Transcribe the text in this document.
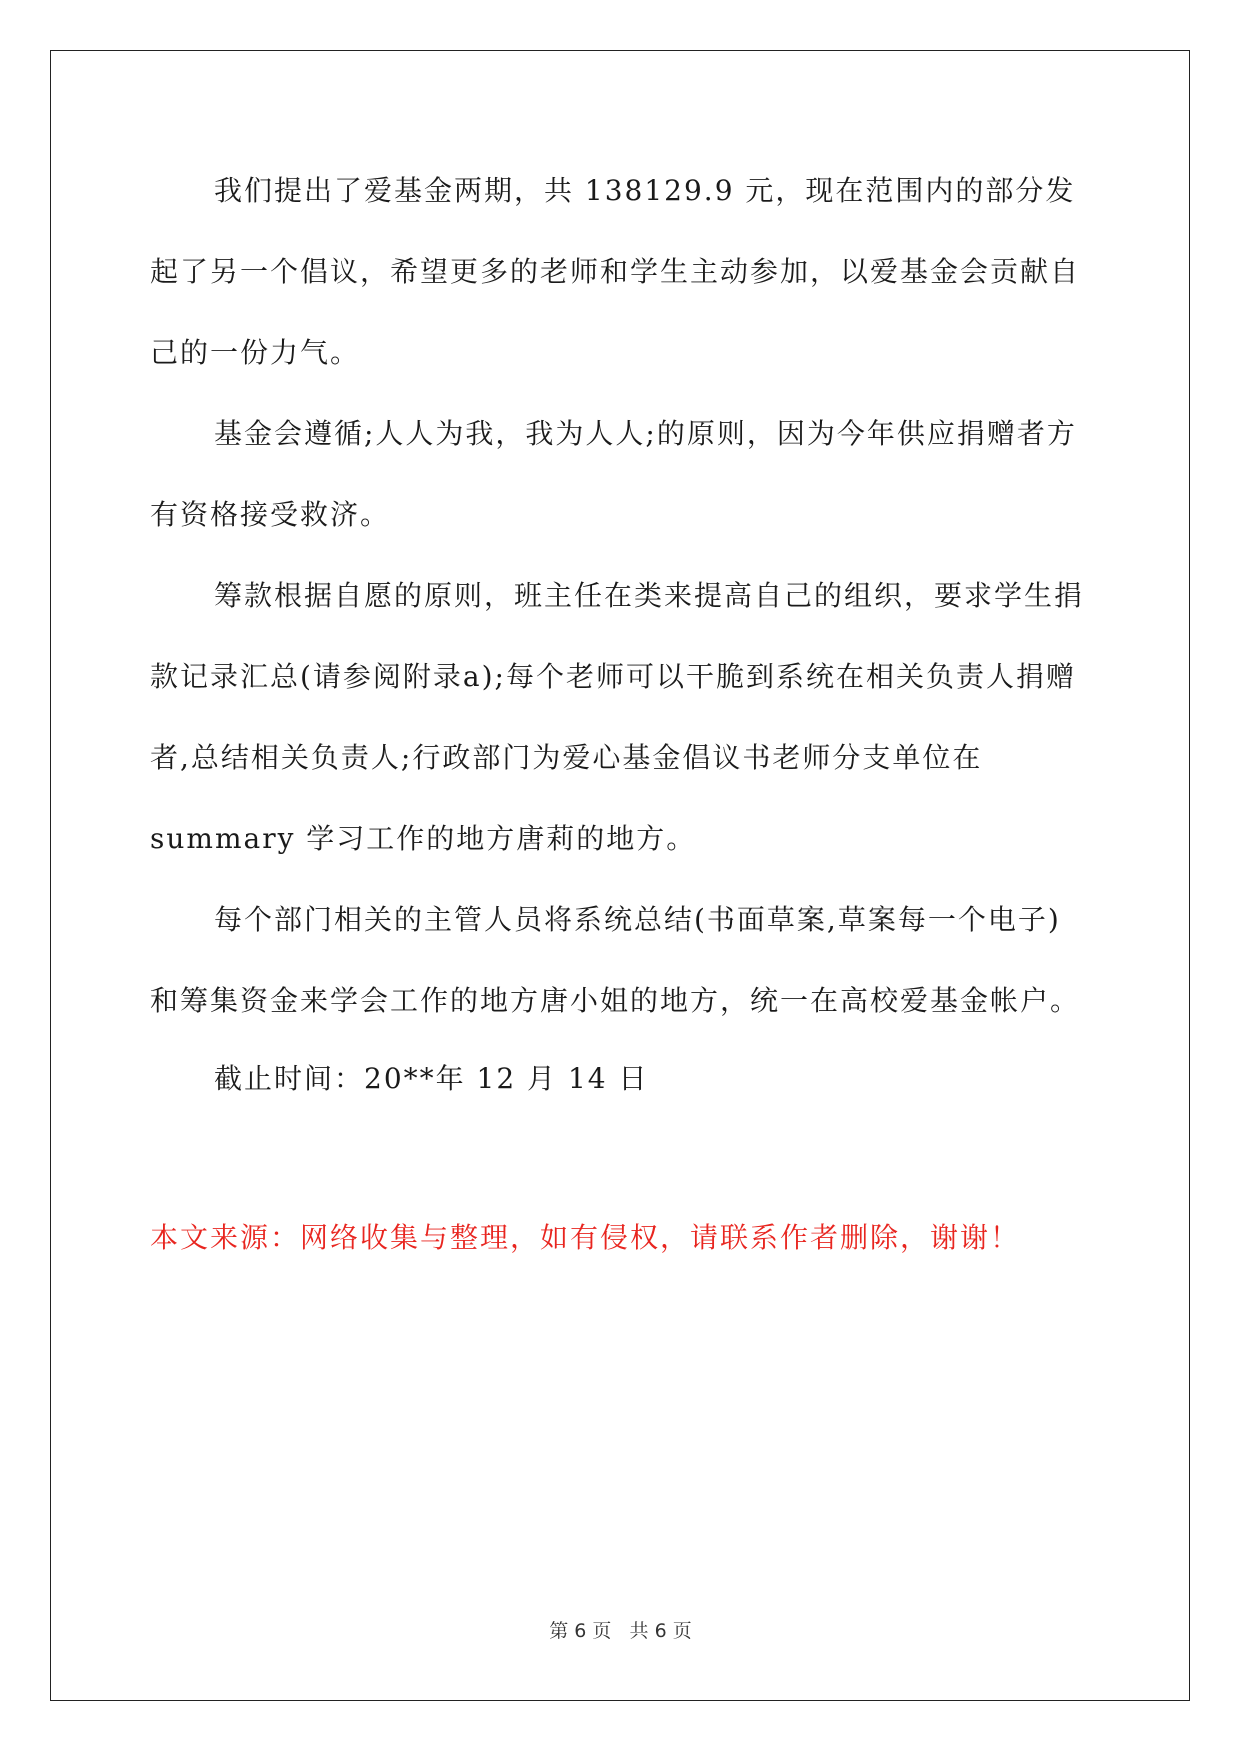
我们提出了爱基金两期，共 138129.9 元，现在范围内的部分发起了另一个倡议，希望更多的老师和学生主动参加，以爱基金会贡献自己的一份力气。

基金会遵循;人人为我，我为人人;的原则，因为今年供应捐赠者方有资格接受救济。

筹款根据自愿的原则，班主任在类来提高自己的组织，要求学生捐款记录汇总(请参阅附录a);每个老师可以干脆到系统在相关负责人捐赠者,总结相关负责人;行政部门为爱心基金倡议书老师分支单位在summary 学习工作的地方唐莉的地方。

每个部门相关的主管人员将系统总结(书面草案,草案每一个电子)和筹集资金来学会工作的地方唐小姐的地方，统一在高校爱基金帐户。

截止时间：20**年 12 月 14 日

本文来源：网络收集与整理，如有侵权，请联系作者删除，谢谢！

第 6 页   共 6 页
